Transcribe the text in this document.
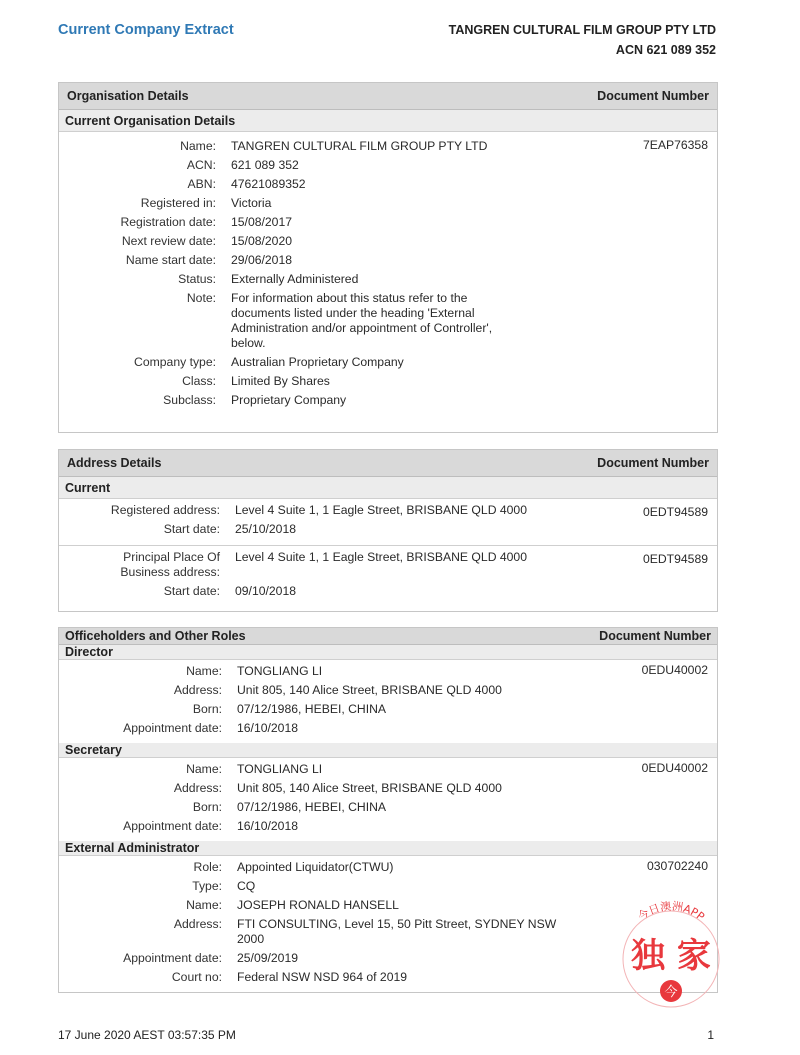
Current Company Extract	TANGREN CULTURAL FILM GROUP PTY LTD
ACN 621 089 352
Organisation Details	Document Number
Current Organisation Details
7EAP76358
Name:	TANGREN CULTURAL FILM GROUP PTY LTD
ACN:	621 089 352
ABN:	47621089352
Registered in:	Victoria
Registration date:	15/08/2017
Next review date:	15/08/2020
Name start date:	29/06/2018
Status:	Externally Administered
Note:	For information about this status refer to the documents listed under the heading 'External Administration and/or appointment of Controller', below.
Company type:	Australian Proprietary Company
Class:	Limited By Shares
Subclass:	Proprietary Company
Address Details	Document Number
Current
0EDT94589
Registered address:	Level 4 Suite 1, 1 Eagle Street, BRISBANE QLD 4000
Start date:	25/10/2018
0EDT94589
Principal Place Of Business address:
Level 4 Suite 1, 1 Eagle Street, BRISBANE QLD 4000
Start date:	09/10/2018
Officeholders and Other Roles	Document Number
Director
0EDU40002
Name:	TONGLIANG LI
Address:	Unit 805, 140 Alice Street, BRISBANE QLD 4000
Born:	07/12/1986, HEBEI, CHINA
Appointment date:	16/10/2018
Secretary
0EDU40002
Name:	TONGLIANG LI
Address:	Unit 805, 140 Alice Street, BRISBANE QLD 4000
Born:	07/12/1986, HEBEI, CHINA
Appointment date:	16/10/2018
External Administrator
030702240
Role:	Appointed Liquidator(CTWU)
Type:	CQ
Name:	JOSEPH RONALD HANSELL
Address:	FTI CONSULTING, Level 15, 50 Pitt Street, SYDNEY NSW 2000
Appointment date:	25/09/2019
Court no:	Federal NSW NSD 964 of 2019
今日澳洲APP
独 家
今
17 June 2020 AEST 03:57:35 PM	1
